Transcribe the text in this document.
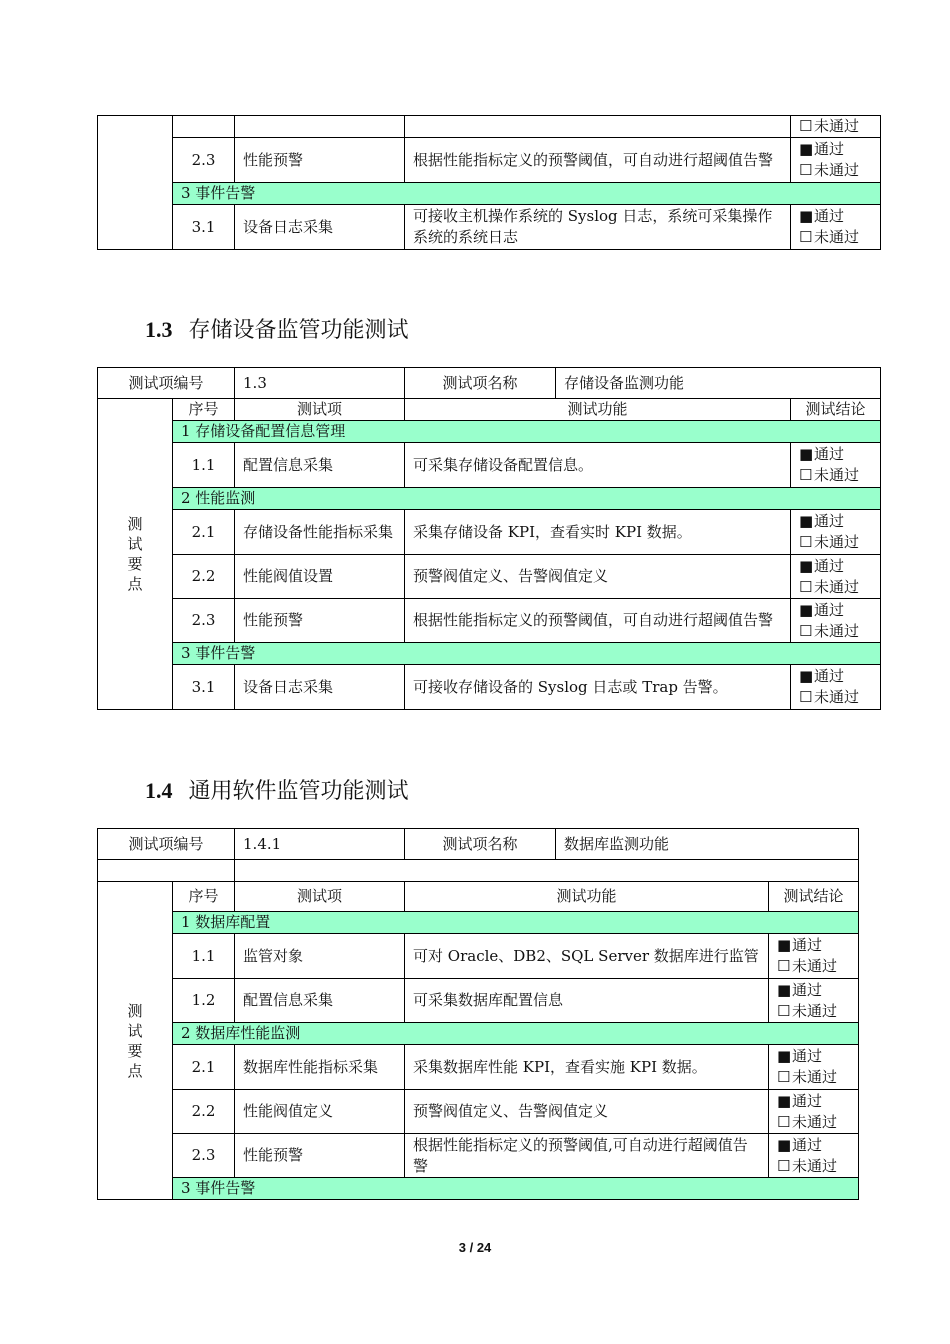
				☐ 未通过

	2.3	性能预警	根据性能指标定义的预警阈值，可自动进行超阈值告警	■通过
☐ 未通过

	3 事件告警			
	3.1	设备日志采集	可接收主机操作系统的 Syslog 日志，系统可采集操作系统的系统日志	■通过
☐ 未通过
1.3 存储设备监管功能测试
测试项编号		1.3	测试项名称	存储设备监测功能	

测试要点	序号	测试项	测试功能		测试结论
	1 存储设备配置信息管理				
	1.1	配置信息采集	可采集存储设备配置信息。		■通过
☐ 未通过

	2 性能监测				
	2.1	存储设备性能指标采集	采集存储设备 KPI，查看实时 KPI 数据。		■通过
☐ 未通过

	2.2	性能阀值设置	预警阀值定义、告警阀值定义		■通过
☐ 未通过

	2.3	性能预警	根据性能指标定义的预警阈值，可自动进行超阈值告警		■通过
☐ 未通过

	3 事件告警				
	3.1	设备日志采集	可接收存储设备的 Syslog 日志或 Trap 告警。		■通过
☐ 未通过
1.4 通用软件监管功能测试
测试项编号		1.4.1	测试项名称	数据库监测功能	

测试要点	序号	测试项	测试功能		测试结论
	1 数据库配置				
	1.1	监管对象	可对 Oracle、DB2、SQL Server 数据库进行监管		■通过
☐ 未通过

	1.2	配置信息采集	可采集数据库配置信息		■通过
☐ 未通过

	2 数据库性能监测				
	2.1	数据库性能指标采集	采集数据库性能 KPI，查看实施 KPI 数据。		■通过
☐ 未通过

	2.2	性能阀值定义	预警阀值定义、告警阀值定义		■通过
☐ 未通过

	2.3	性能预警	根据性能指标定义的预警阈值,可自动进行超阈值告警		■通过
☐ 未通过

	3 事件告警				
3 / 24
